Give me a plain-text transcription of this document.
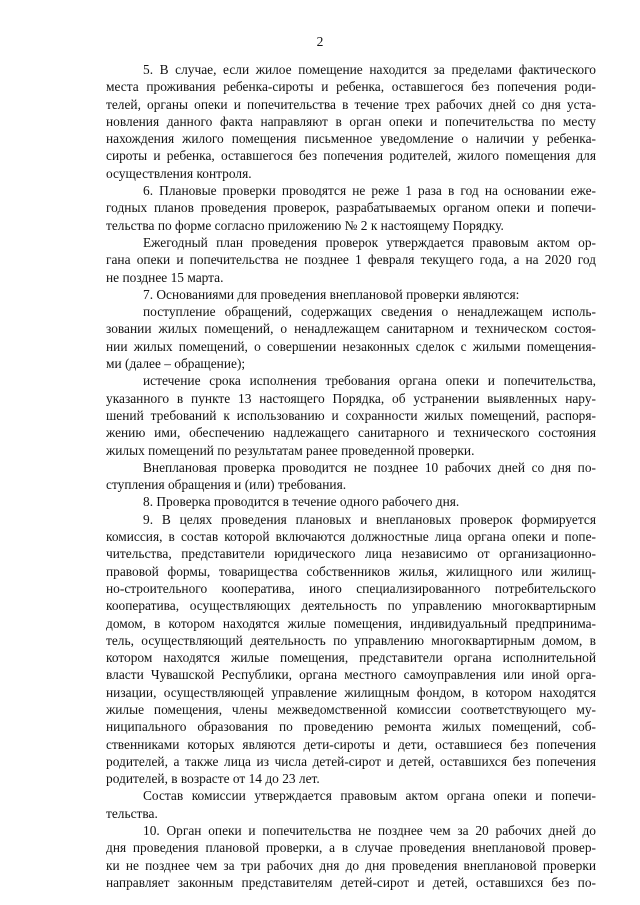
2
5. В случае, если жилое помещение находится за пределами фактического
места проживания ребенка-сироты и ребенка, оставшегося без попечения роди-
телей, органы опеки и попечительства в течение трех рабочих дней со дня уста-
новления данного факта направляют в орган опеки и попечительства по месту
нахождения жилого помещения письменное уведомление о наличии у ребенка-
сироты и ребенка, оставшегося без попечения родителей, жилого помещения для
осуществления контроля.
6. Плановые проверки проводятся не реже 1 раза в год на основании еже-
годных планов проведения проверок, разрабатываемых органом опеки и попечи-
тельства по форме согласно приложению № 2 к настоящему Порядку.
Ежегодный план проведения проверок утверждается правовым актом ор-
гана опеки и попечительства не позднее 1 февраля текущего года, а на 2020 год
не позднее 15 марта.
7. Основаниями для проведения внеплановой проверки являются:
поступление обращений, содержащих сведения о ненадлежащем исполь-
зовании жилых помещений, о ненадлежащем санитарном и техническом состоя-
нии жилых помещений, о совершении незаконных сделок с жилыми помещения-
ми (далее – обращение);
истечение срока исполнения требования органа опеки и попечительства,
указанного в пункте 13 настоящего Порядка, об устранении выявленных нару-
шений требований к использованию и сохранности жилых помещений, распоря-
жению ими, обеспечению надлежащего санитарного и технического состояния
жилых помещений по результатам ранее проведенной проверки.
Внеплановая проверка проводится не позднее 10 рабочих дней со дня по-
ступления обращения и (или) требования.
8. Проверка проводится в течение одного рабочего дня.
9. В целях проведения плановых и внеплановых проверок формируется
комиссия, в состав которой включаются должностные лица органа опеки и попе-
чительства, представители юридического лица независимо от организационно-
правовой формы, товарищества собственников жилья, жилищного или жилищ-
но-строительного кооператива, иного специализированного потребительского
кооператива, осуществляющих деятельность по управлению многоквартирным
домом, в котором находятся жилые помещения, индивидуальный предпринима-
тель, осуществляющий деятельность по управлению многоквартирным домом, в
котором находятся жилые помещения, представители органа исполнительной
власти Чувашской Республики, органа местного самоуправления или иной орга-
низации, осуществляющей управление жилищным фондом, в котором находятся
жилые помещения, члены межведомственной комиссии соответствующего му-
ниципального образования по проведению ремонта жилых помещений, соб-
ственниками которых являются дети-сироты и дети, оставшиеся без попечения
родителей, а также лица из числа детей-сирот и детей, оставшихся без попечения
родителей, в возрасте от 14 до 23 лет.
Состав комиссии утверждается правовым актом органа опеки и попечи-
тельства.
10. Орган опеки и попечительства не позднее чем за 20 рабочих дней до
дня проведения плановой проверки, а в случае проведения внеплановой провер-
ки не позднее чем за три рабочих дня до дня проведения внеплановой проверки
направляет законным представителям детей-сирот и детей, оставшихся без по-
